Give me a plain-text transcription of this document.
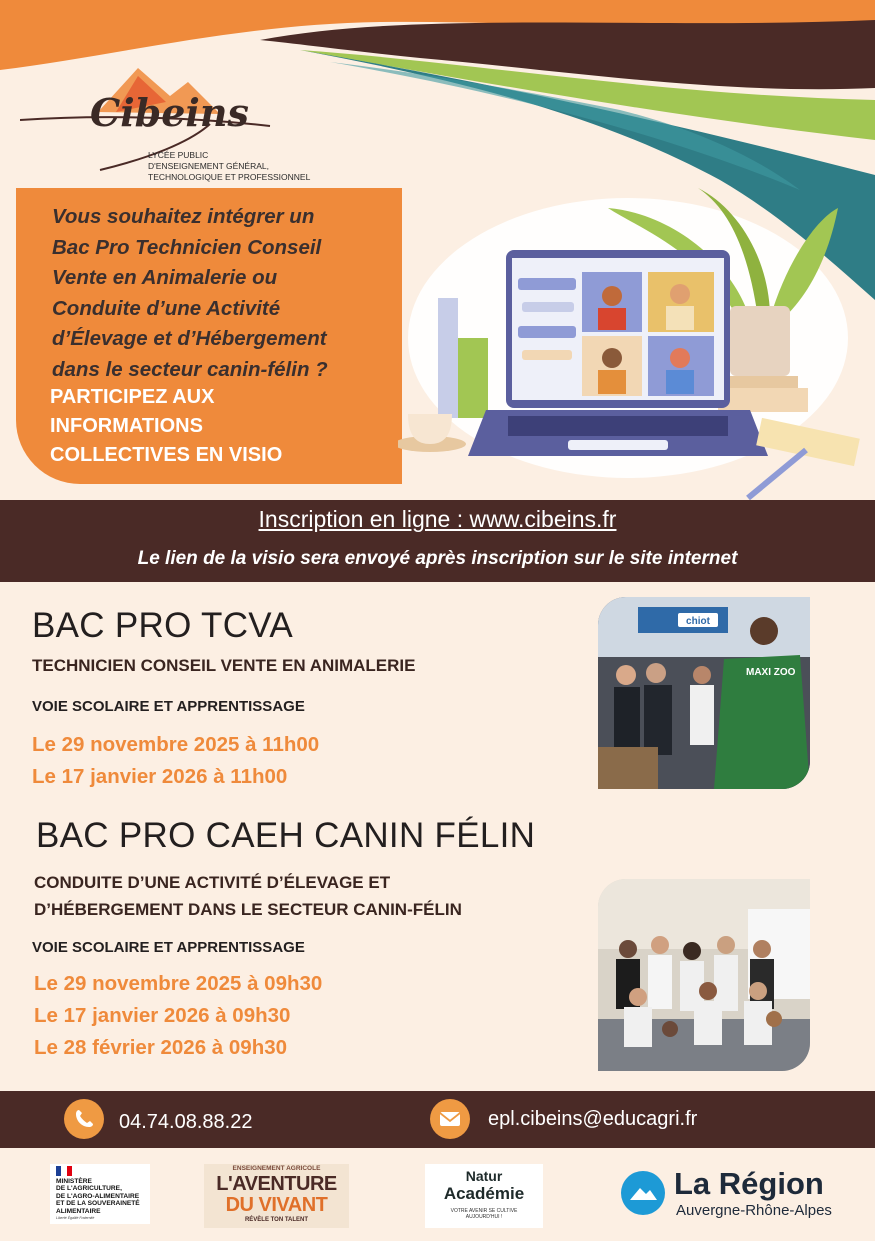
Cibeins
LYCÉE PUBLIC
D'ENSEIGNEMENT GÉNÉRAL,
TECHNOLOGIQUE ET PROFESSIONNEL
Vous souhaitez intégrer un
Bac Pro Technicien Conseil
Vente en Animalerie ou
Conduite d’une Activité
d’Élevage et d’Hébergement
dans le secteur canin-félin ?
PARTICIPEZ AUX
INFORMATIONS
COLLECTIVES EN VISIO
Inscription en ligne : www.cibeins.fr
Le lien de la visio sera envoyé après inscription sur le site internet
BAC PRO TCVA
TECHNICIEN CONSEIL VENTE EN ANIMALERIE
VOIE SCOLAIRE ET APPRENTISSAGE
Le 29 novembre 2025 à 11h00
Le 17 janvier 2026 à 11h00
chiot
MAXI ZOO
BAC PRO CAEH CANIN FÉLIN
CONDUITE D’UNE ACTIVITÉ D’ÉLEVAGE ET
D’HÉBERGEMENT DANS LE SECTEUR CANIN-FÉLIN
VOIE SCOLAIRE ET APPRENTISSAGE
Le 29 novembre 2025 à 09h30
Le 17 janvier 2026 à 09h30
Le 28 février 2026 à 09h30
04.74.08.88.22	epl.cibeins@educagri.fr
MINISTÈRE
DE L'AGRICULTURE,
DE L'AGRO-ALIMENTAIRE
ET DE LA SOUVERAINETÉ
ALIMENTAIRE
Liberté Égalité Fraternité
ENSEIGNEMENT AGRICOLE
L'AVENTURE
DU VIVANT
RÉVÈLE TON TALENT
Natur
Académie
VOTRE AVENIR SE CULTIVE
AUJOURD'HUI !
La Région
Auvergne-Rhône-Alpes
